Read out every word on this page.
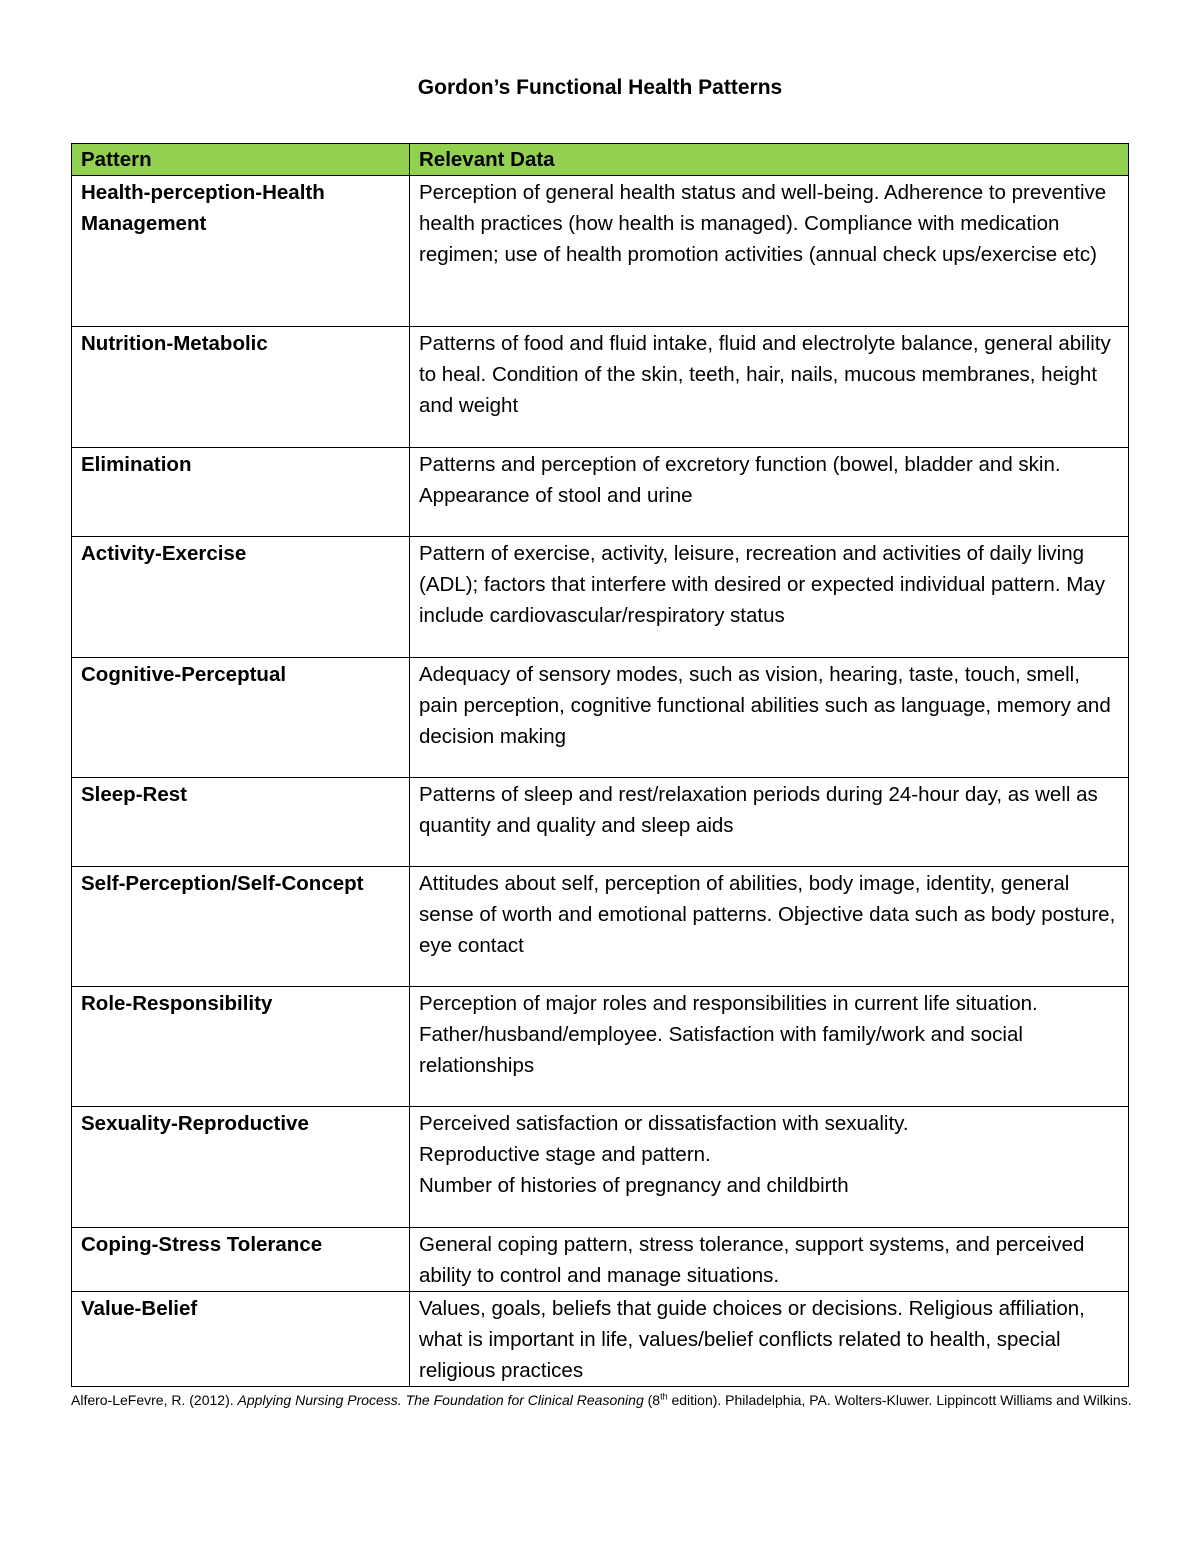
Gordon’s Functional Health Patterns
Pattern	Relevant Data
Health-perception-Health Management	Perception of general health status and well-being. Adherence to preventive health practices (how health is managed). Compliance with medication regimen; use of health promotion activities (annual check ups/exercise etc)
Nutrition-Metabolic	Patterns of food and fluid intake, fluid and electrolyte balance, general ability to heal. Condition of the skin, teeth, hair, nails, mucous membranes, height and weight
Elimination	Patterns and perception of excretory function (bowel, bladder and skin. Appearance of stool and urine
Activity-Exercise	Pattern of exercise, activity, leisure, recreation and activities of daily living (ADL); factors that interfere with desired or expected individual pattern. May include cardiovascular/respiratory status
Cognitive-Perceptual	Adequacy of sensory modes, such as vision, hearing, taste, touch, smell, pain perception, cognitive functional abilities such as language, memory and decision making
Sleep-Rest	Patterns of sleep and rest/relaxation periods during 24-hour day, as well as quantity and quality and sleep aids
Self-Perception/Self-Concept	Attitudes about self, perception of abilities, body image, identity, general sense of worth and emotional patterns. Objective data such as body posture, eye contact
Role-Responsibility	Perception of major roles and responsibilities in current life situation. Father/husband/employee. Satisfaction with family/work and social relationships
Sexuality-Reproductive	Perceived satisfaction or dissatisfaction with sexuality.
Reproductive stage and pattern.
Number of histories of pregnancy and childbirth
Coping-Stress Tolerance	General coping pattern, stress tolerance, support systems, and perceived ability to control and manage situations.
Value-Belief	Values, goals, beliefs that guide choices or decisions. Religious affiliation, what is important in life, values/belief conflicts related to health, special religious practices
Alfero-LeFevre, R. (2012). Applying Nursing Process. The Foundation for Clinical Reasoning (8th edition). Philadelphia, PA. Wolters-Kluwer. Lippincott Williams and Wilkins.
